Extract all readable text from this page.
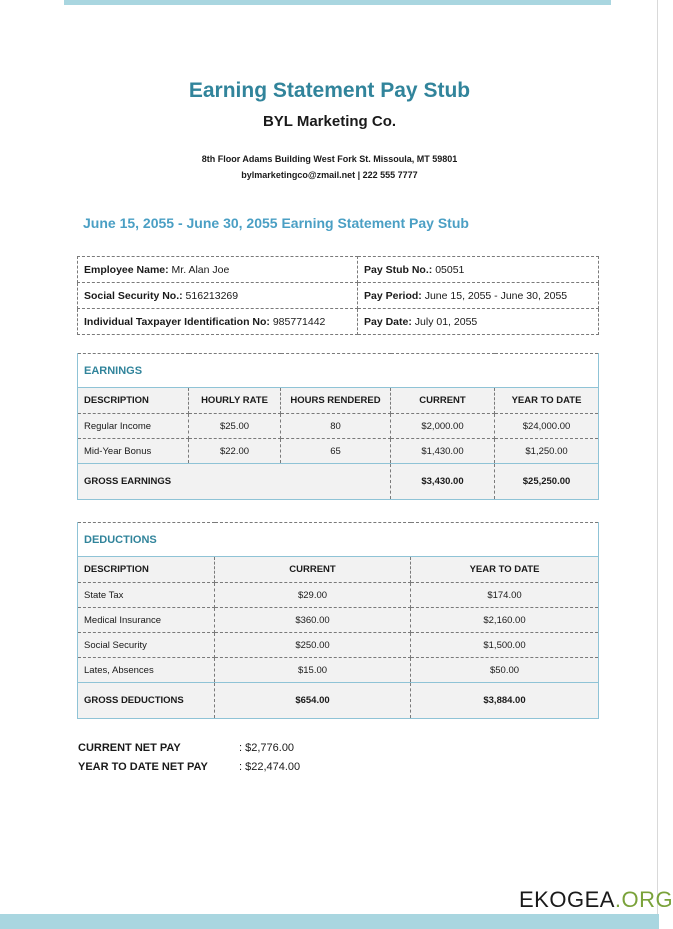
Earning Statement Pay Stub
BYL Marketing Co.
8th Floor Adams Building West Fork St. Missoula, MT 59801
bylmarketingco@zmail.net | 222 555 7777
June 15, 2055 - June 30, 2055 Earning Statement Pay Stub
Employee Name: Mr. Alan Joe	Pay Stub No.: 05051
Social Security No.: 516213269	Pay Period: June 15, 2055 - June 30, 2055
Individual Taxpayer Identification No: 985771442	Pay Date: July 01, 2055
EARNINGS				
DESCRIPTION	HOURLY RATE	HOURS RENDERED	CURRENT	YEAR TO DATE
Regular Income	$25.00	80	$2,000.00	$24,000.00
Mid-Year Bonus	$22.00	65	$1,430.00	$1,250.00
GROSS EARNINGS			$3,430.00	$25,250.00
DEDUCTIONS		
DESCRIPTION	CURRENT	YEAR TO DATE
State Tax	$29.00	$174.00
Medical Insurance	$360.00	$2,160.00
Social Security	$250.00	$1,500.00
Lates, Absences	$15.00	$50.00
GROSS DEDUCTIONS	$654.00	$3,884.00
CURRENT NET PAY	: $2,776.00
YEAR TO DATE NET PAY	: $22,474.00
EKOGEA.ORG
